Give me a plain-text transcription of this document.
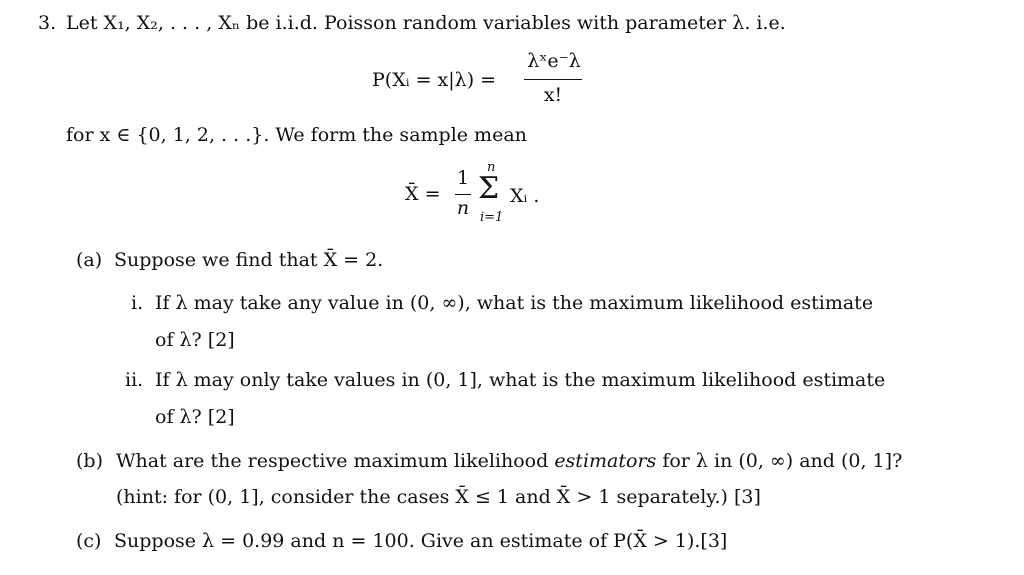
3. Let X₁, X₂, . . . , Xₙ be i.i.d. Poisson random variables with parameter λ. i.e.
P(Xᵢ = x|λ) =
λˣe⁻λ
x!
for x ∈ {0, 1, 2, . . .}. We form the sample mean
X̄ =
1
n
n
Σ
i=1
Xᵢ .
(a) Suppose we find that X̄ = 2.
i. If λ may take any value in (0, ∞), what is the maximum likelihood estimate
of λ? [2]
ii. If λ may only take values in (0, 1], what is the maximum likelihood estimate
of λ? [2]
(b) What are the respective maximum likelihood estimators for λ in (0, ∞) and (0, 1]?
(hint: for (0, 1], consider the cases X̄ ≤ 1 and X̄ > 1 separately.) [3]
(c) Suppose λ = 0.99 and n = 100. Give an estimate of P(X̄ > 1).[3]
